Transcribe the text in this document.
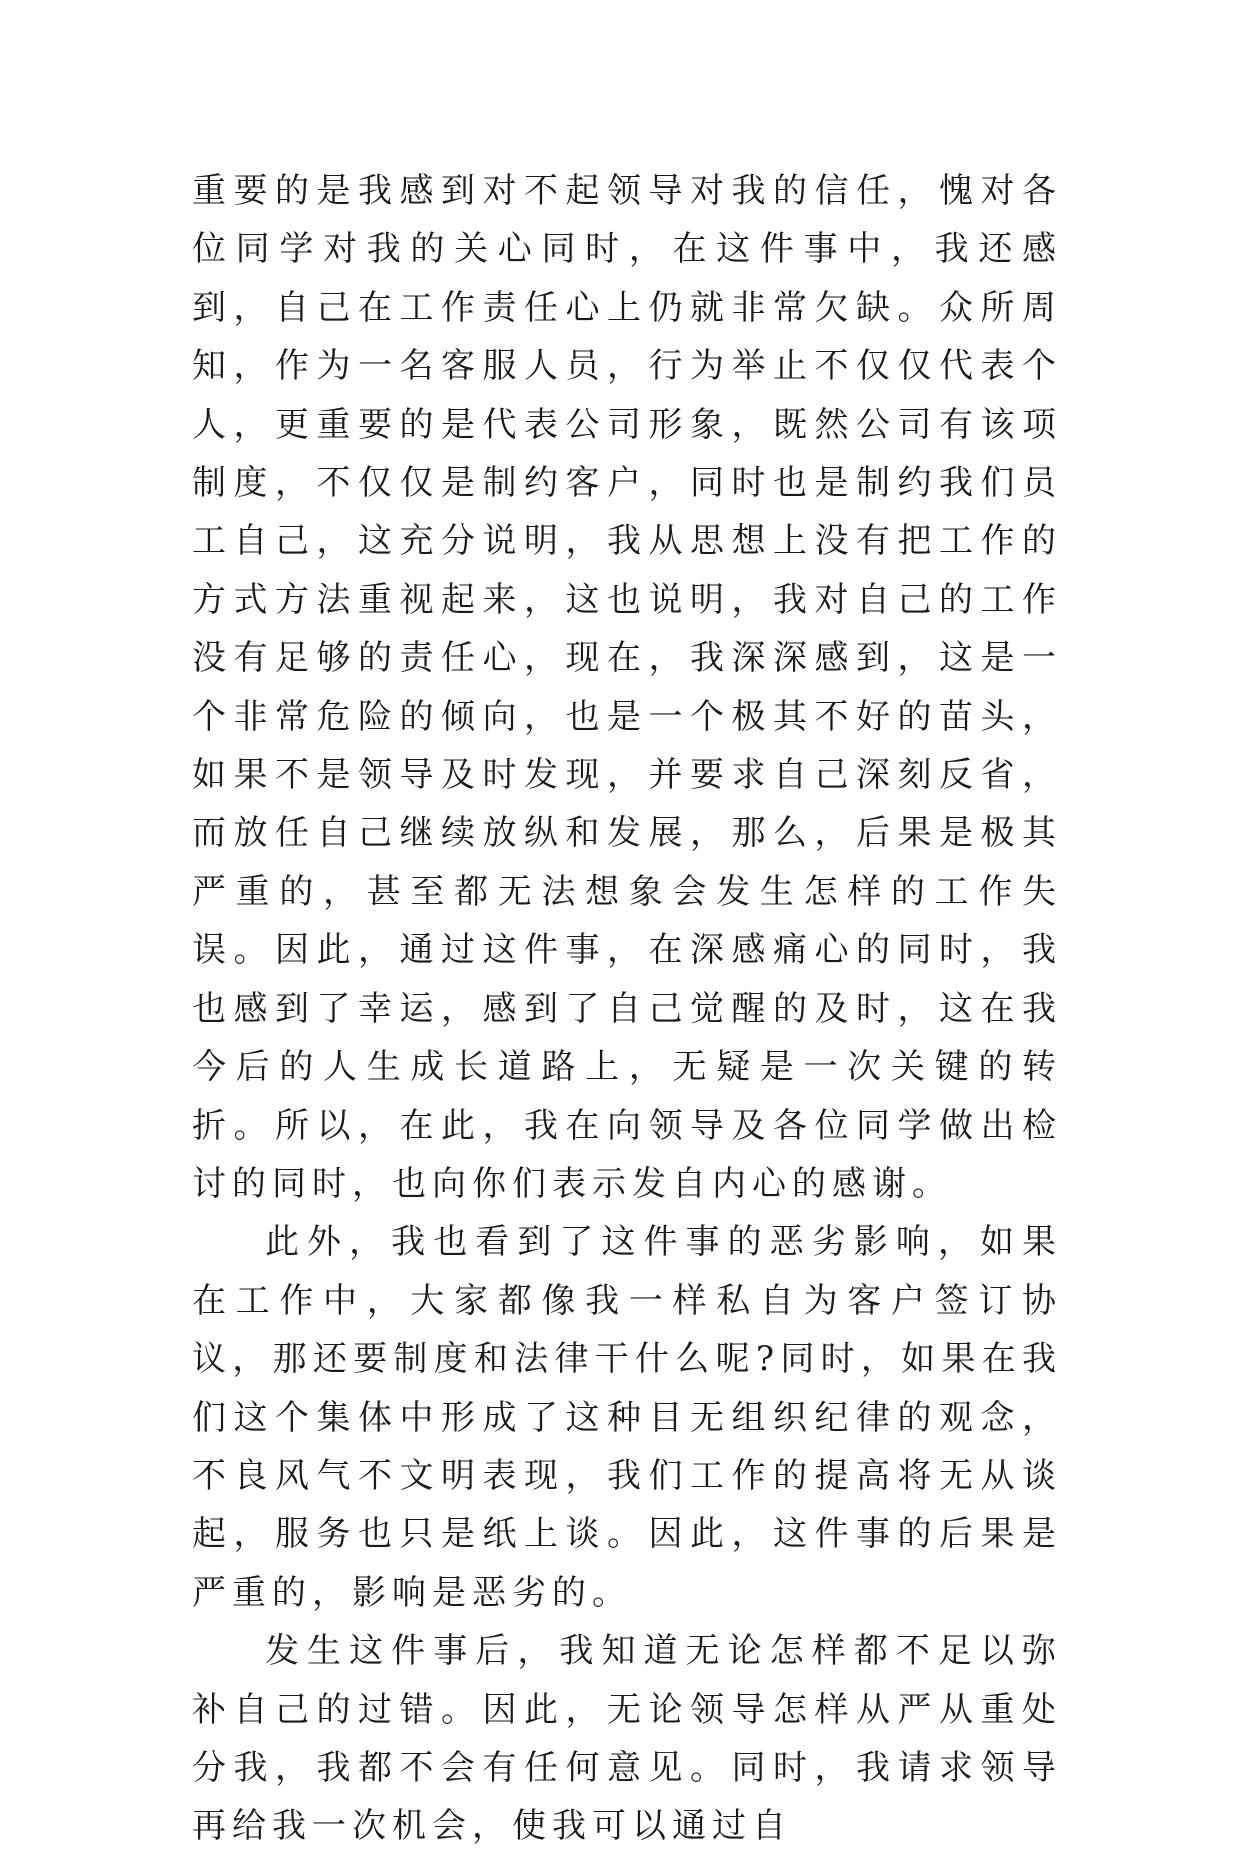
重要的是我感到对不起领导对我的信任，愧对各位同学对我的关心同时，在这件事中，我还感到，自己在工作责任心上仍就非常欠缺。众所周知，作为一名客服人员，行为举止不仅仅代表个人，更重要的是代表公司形象，既然公司有该项制度，不仅仅是制约客户，同时也是制约我们员工自己，这充分说明，我从思想上没有把工作的方式方法重视起来，这也说明，我对自己的工作没有足够的责任心，现在，我深深感到，这是一个非常危险的倾向，也是一个极其不好的苗头，如果不是领导及时发现，并要求自己深刻反省，而放任自己继续放纵和发展，那么，后果是极其严重的，甚至都无法想象会发生怎样的工作失误。因此，通过这件事，在深感痛心的同时，我也感到了幸运，感到了自己觉醒的及时，这在我今后的人生成长道路上，无疑是一次关键的转折。所以，在此，我在向领导及各位同学做出检讨的同时，也向你们表示发自内心的感谢。

此外，我也看到了这件事的恶劣影响，如果在工作中，大家都像我一样私自为客户签订协议，那还要制度和法律干什么呢?同时，如果在我们这个集体中形成了这种目无组织纪律的观念，不良风气不文明表现，我们工作的提高将无从谈起，服务也只是纸上谈。因此，这件事的后果是严重的，影响是恶劣的。

发生这件事后，我知道无论怎样都不足以弥补自己的过错。因此，无论领导怎样从严从重处分我，我都不会有任何意见。同时，我请求领导再给我一次机会，使我可以通过自
